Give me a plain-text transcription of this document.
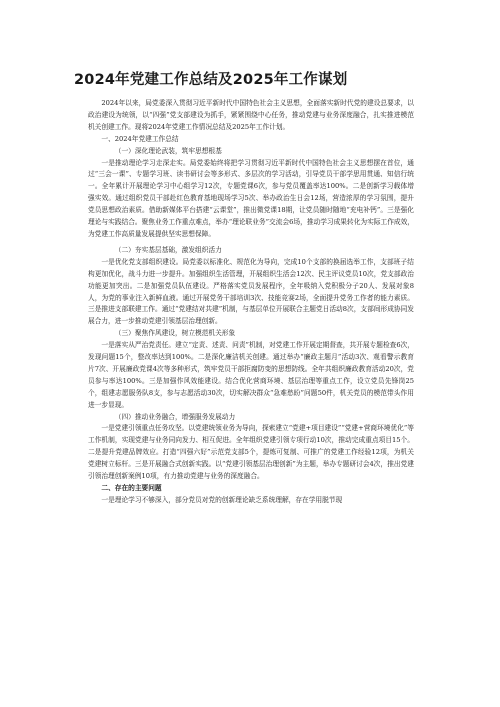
2024年党建工作总结及2025年工作谋划

2024年以来，局党委深入贯彻习近平新时代中国特色社会主义思想，全面落实新时代党的建设总要求，以政治建设为统领，以“四强”党支部建设为抓手，紧紧围绕中心任务，推动党建与业务深度融合，扎实推进模范机关创建工作。现将2024年党建工作情况总结及2025年工作计划。

一、2024年党建工作总结

（一）深化理论武装，筑牢思想根基

一是推动理论学习走深走实。局党委始终将把学习贯彻习近平新时代中国特色社会主义思想摆在首位，通过“三会一课”、专题学习班、读书研讨会等多形式、多层次的学习活动，引导党员干部学思用贯通、知信行统一。全年累计开展理论学习中心组学习12次，专题党课6次，参与党员覆盖率达100%。二是创新学习载体增强实效。通过组织党员干部赴红色教育基地现场学习5次、举办政治生日会12场，营造浓厚的学习氛围，提升党员思想政治素质。借助新媒体平台搭建“云课堂”，推出微党课18期，让党员随时随地“充电补钙”。三是强化理论与实践结合。聚焦业务工作重点难点，举办“理论联业务”交流会6场，推动学习成果转化为实际工作成效，为党建工作高质量发展提供坚实思想保障。

（二）夯实基层基础，激发组织活力

一是优化党支部组织建设。局党委以标准化、规范化为导向，完成10个支部的换届选举工作，支部班子结构更加优化，战斗力进一步提升。加强组织生活管理，开展组织生活会12次、民主评议党员10次，党支部政治功能更加突出。二是加强党员队伍建设。严格落实党员发展程序，全年吸纳入党积极分子20人、发展对象8人，为党的事业注入新鲜血液。通过开展党务干部培训3次、技能竞赛2场，全面提升党务工作者的能力素质。三是推进支部联建工作。通过“党建结对共建”机制，与基层单位开展联合主题党日活动8次，支部间形成协同发展合力，进一步推动党建引领基层治理创新。

（三）聚焦作风建设，树立模范机关形象

一是落实从严治党责任。建立“定责、述责、问责”机制，对党建工作开展定期督查，共开展专题检查6次，发现问题15个，整改率达到100%。二是深化廉洁机关创建。通过举办“廉政主题月”活动3次、观看警示教育片7次、开展廉政党课4次等多种形式，筑牢党员干部拒腐防变的思想防线。全年共组织廉政教育活动20次，党员参与率达100%。三是加强作风效能建设。结合优化营商环境、基层治理等重点工作，设立党员先锋岗25个，组建志愿服务队8支，参与志愿活动30次，切实解决群众“急难愁盼”问题50件，机关党员的模范带头作用进一步显现。

（四）推动业务融合，增强服务发展动力

一是党建引领重点任务攻坚。以党建统领业务为导向，探索建立“党建+项目建设”“党建+营商环境优化”等工作机制，实现党建与业务同向发力、相互促进。全年组织党建引领专项行动10次，推动完成重点项目15个。二是提升党建品牌效应。打造“四强六好”示范党支部5个，提炼可复制、可推广的党建工作经验12项，为机关党建树立标杆。三是开展融合式创新实践。以“党建引领基层治理创新”为主题，举办专题研讨会4次，推出党建引领治理创新案例10项，有力推动党建与业务的深度融合。

二、存在的主要问题

一是理论学习不够深入，部分党员对党的创新理论缺乏系统理解，存在学用脱节现
